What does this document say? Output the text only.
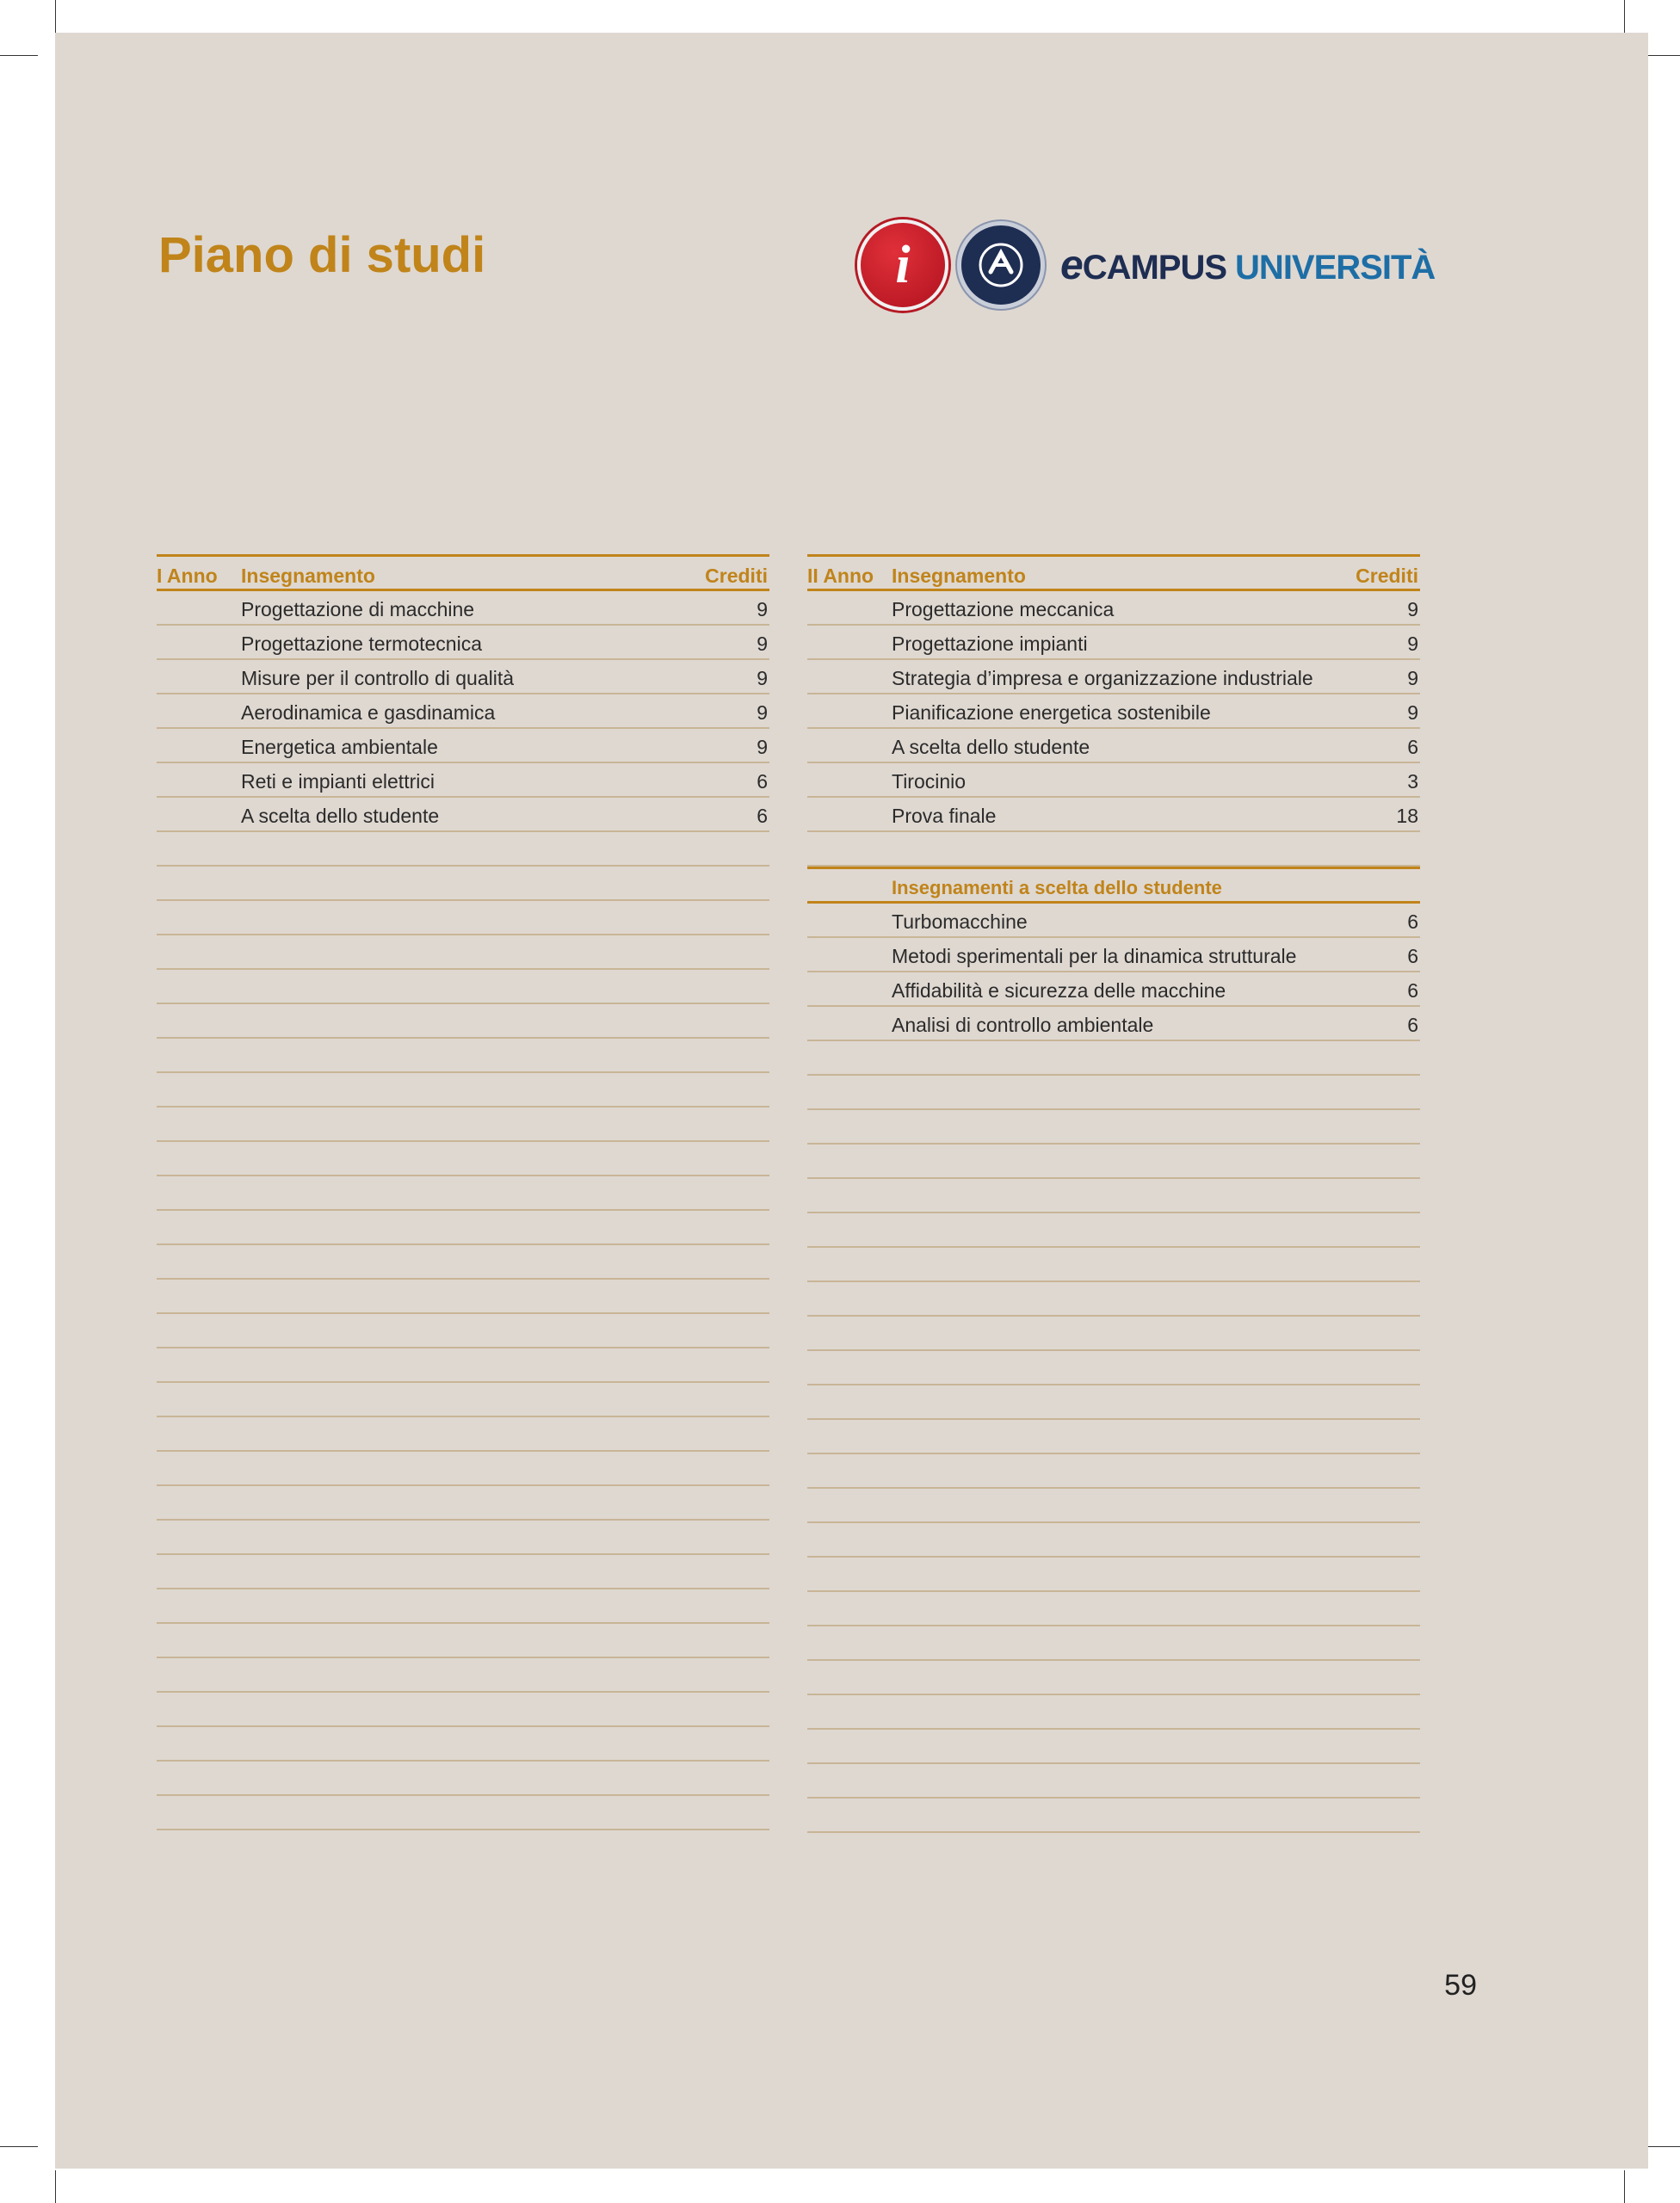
Piano di studi	i	eCAMPUS UNIVERSITÀ
I Anno Insegnamento	Crediti
Progettazione di macchine	9
Progettazione termotecnica	9
Misure per il controllo di qualità	9
Aerodinamica e gasdinamica	9
Energetica ambientale	9
Reti e impianti elettrici	6
A scelta dello studente	6
II Anno Insegnamento	Crediti
Progettazione meccanica	9
Progettazione impianti	9
Strategia d’impresa e organizzazione industriale	9
Pianificazione energetica sostenibile	9
A scelta dello studente	6
Tirocinio	3
Prova finale	18
Insegnamenti a scelta dello studente
Turbomacchine	6
Metodi sperimentali per la dinamica strutturale	6
Affidabilità e sicurezza delle macchine	6
Analisi di controllo ambientale	6
59
